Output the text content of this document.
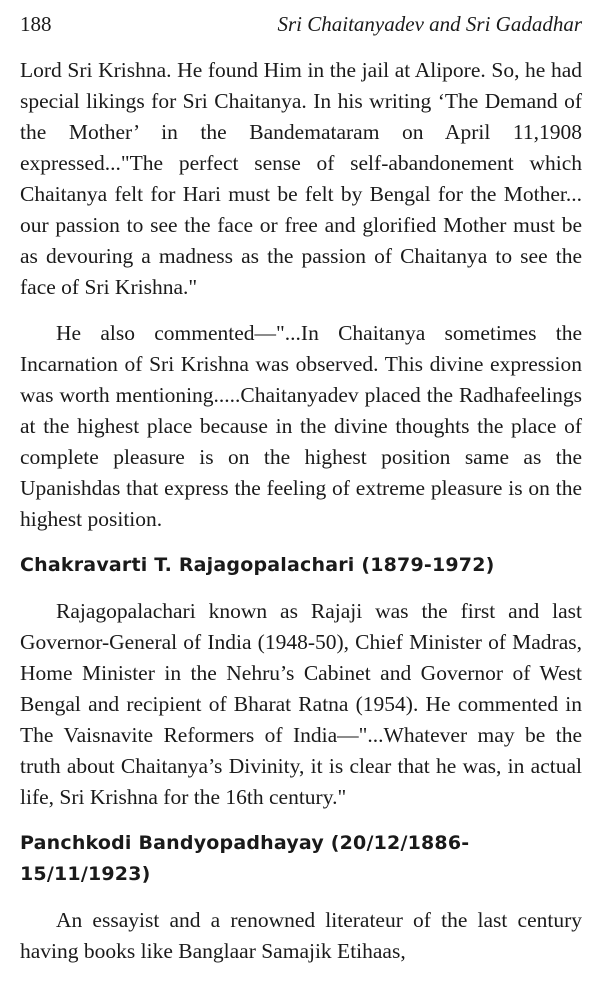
188	Sri Chaitanyadev and Sri Gadadhar

Lord Sri Krishna. He found Him in the jail at Alipore. So, he had special likings for Sri Chaitanya. In his writing ‘The Demand of the Mother’ in the Bandemataram on April 11,1908 expressed..."The perfect sense of self-abandonement which Chaitanya felt for Hari must be felt by Bengal for the Mother... our passion to see the face or free and glorified Mother must be as devouring a madness as the passion of Chaitanya to see the face of Sri Krishna."

He also commented—"...In Chaitanya sometimes the Incarnation of Sri Krishna was observed. This divine expression was worth mentioning.....Chaitanyadev placed the Radhafeelings at the highest place because in the divine thoughts the place of complete pleasure is on the highest position same as the Upanishdas that express the feeling of extreme pleasure is on the highest position.

Chakravarti T. Rajagopalachari (1879-1972)

Rajagopalachari known as Rajaji was the first and last Governor-General of India (1948-50), Chief Minister of Madras, Home Minister in the Nehru’s Cabinet and Governor of West Bengal and recipient of Bharat Ratna (1954). He commented in The Vaisnavite Reformers of India—"...Whatever may be the truth about Chaitanya’s Divinity, it is clear that he was, in actual life, Sri Krishna for the 16th century."

Panchkodi Bandyopadhayay (20/12/1886- 15/11/1923)

An essayist and a renowned literateur of the last century having books like Banglaar Samajik Etihaas,
